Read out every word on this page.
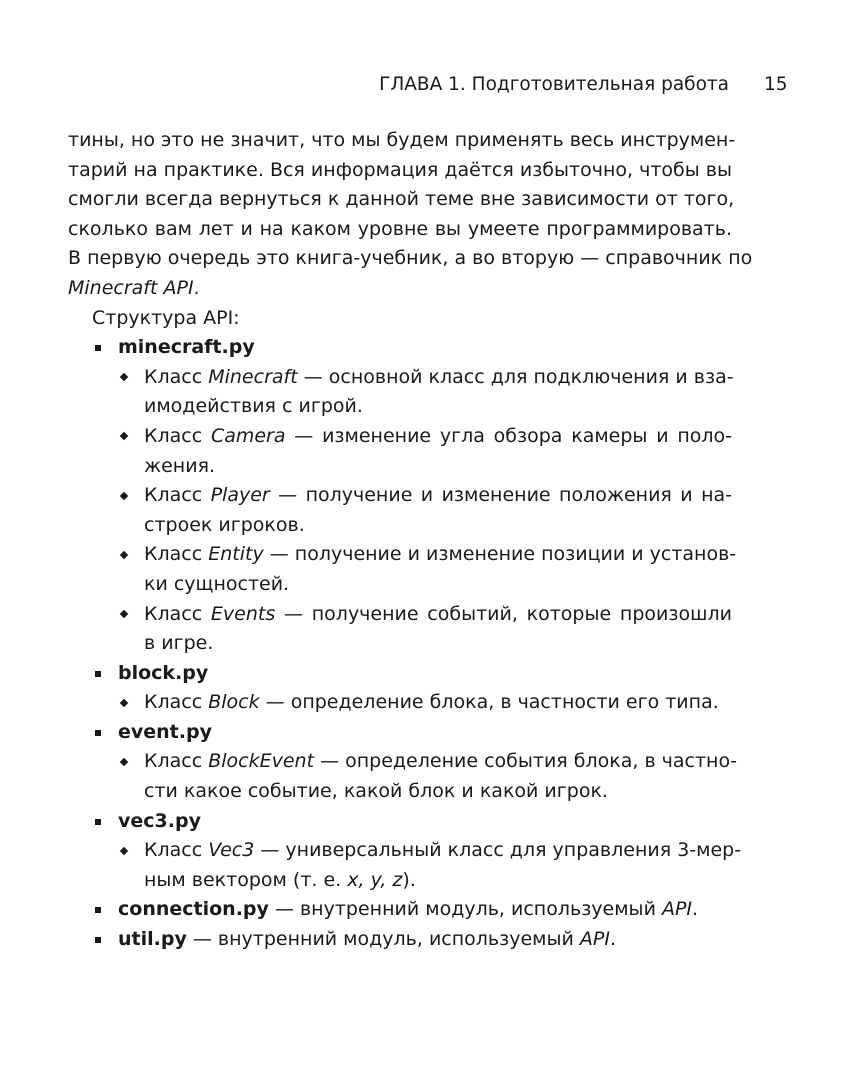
ГЛАВА 1. Подготовительная работа 15
тины, но это не значит, что мы будем применять весь инструмен-
тарий на практике. Вся информация даётся избыточно, чтобы вы
смогли всегда вернуться к данной теме вне зависимости от того,
сколько вам лет и на каком уровне вы умеете программировать.
В первую очередь это книга-учебник, а во вторую — справочник по
Minecraft API.
Структура API:
minecraft.py
Класс Minecraft — основной класс для подключения и вза-
имодействия с игрой.
Класс Camera — изменение угла обзора камеры и поло-
жения.
Класс Player — получение и изменение положения и на-
строек игроков.
Класс Entity — получение и изменение позиции и установ-
ки сущностей.
Класс Events — получение событий, которые произошли
в игре.
block.py
Класс Block — определение блока, в частности его типа.
event.py
Класс BlockEvent — определение события блока, в частно-
сти какое событие, какой блок и какой игрок.
vec3.py
Класс Vec3 — универсальный класс для управления 3-мер-
ным вектором (т. е. x, y, z).
connection.py — внутренний модуль, используемый API.
util.py — внутренний модуль, используемый API.
